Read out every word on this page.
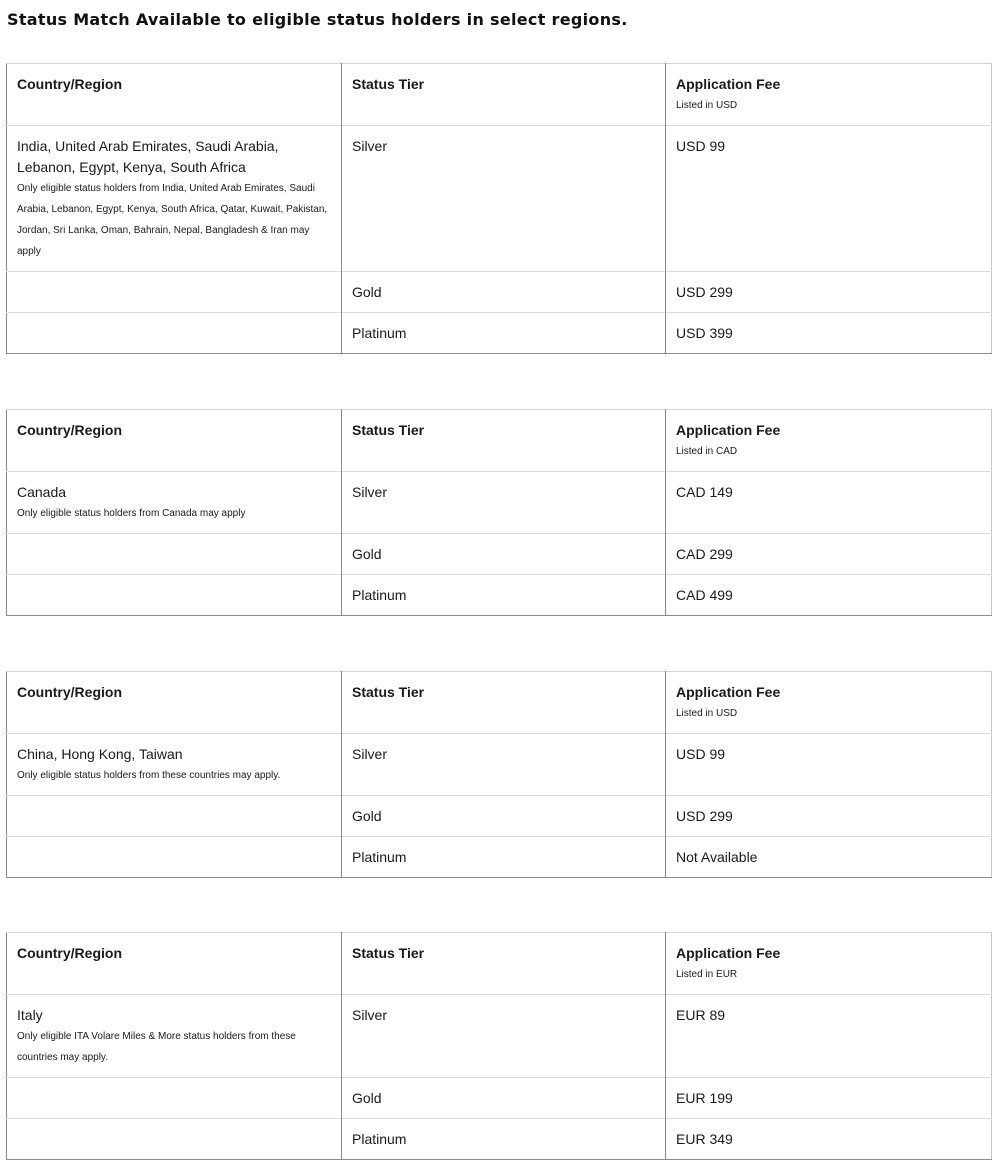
Status Match Available to eligible status holders in select regions.
Country/Region	Status Tier	Application Fee
Listed in USD

India, United Arab Emirates, Saudi Arabia, Lebanon, Egypt, Kenya, South Africa
Only eligible status holders from India, United Arab Emirates, Saudi Arabia, Lebanon, Egypt, Kenya, South Africa, Qatar, Kuwait, Pakistan, Jordan, Sri Lanka, Oman, Bahrain, Nepal, Bangladesh & Iran may apply	Silver	USD 99
	Gold	USD 299
	Platinum	USD 399
Country/Region	Status Tier	Application Fee
Listed in CAD

Canada
Only eligible status holders from Canada may apply	Silver	CAD 149
	Gold	CAD 299
	Platinum	CAD 499
Country/Region	Status Tier	Application Fee
Listed in USD

China, Hong Kong, Taiwan
Only eligible status holders from these countries may apply.	Silver	USD 99
	Gold	USD 299
	Platinum	Not Available
Country/Region	Status Tier	Application Fee
Listed in EUR

Italy
Only eligible ITA Volare Miles & More status holders from these countries may apply.	Silver	EUR 89
	Gold	EUR 199
	Platinum	EUR 349
